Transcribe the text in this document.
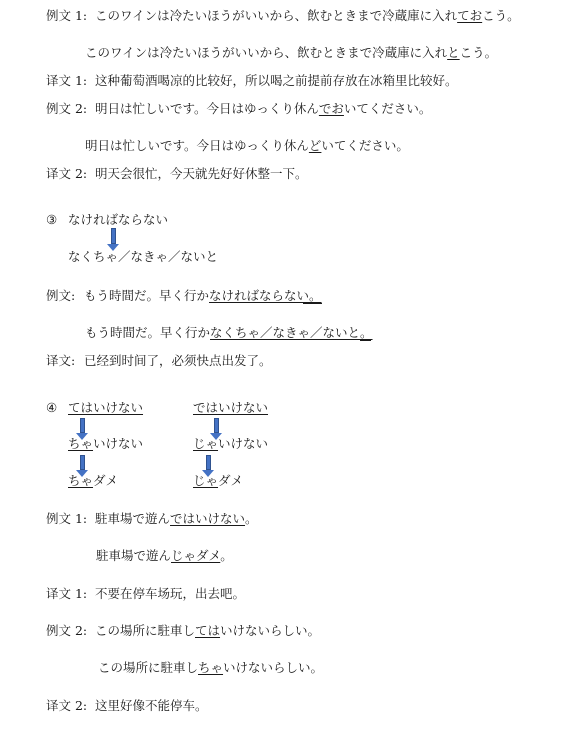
例文 1: このワインは冷たいほうがいいから、飲むときまで冷蔵庫に入れておこう。
このワインは冷たいほうがいいから、飲むときまで冷蔵庫に入れとこう。
译文 1: 这种葡萄酒喝凉的比较好，所以喝之前提前存放在冰箱里比较好。
例文 2: 明日は忙しいです。今日はゆっくり休んでおいてください。
明日は忙しいです。今日はゆっくり休んどいてください。
译文 2: 明天会很忙，今天就先好好休整一下。
③ なければならない
なくちゃ／なきゃ／ないと
例文: もう時間だ。早く行かなければならない。
もう時間だ。早く行かなくちゃ／なきゃ／ないと。
译文: 已经到时间了，必须快点出发了。
④ てはいけない
ちゃいけない
ちゃダメ
ではいけない
じゃいけない
じゃダメ
例文 1: 駐車場で遊んではいけない。
駐車場で遊んじゃダメ。
译文 1: 不要在停车场玩，出去吧。
例文 2: この場所に駐車してはいけないらしい。
この場所に駐車しちゃいけないらしい。
译文 2: 这里好像不能停车。
